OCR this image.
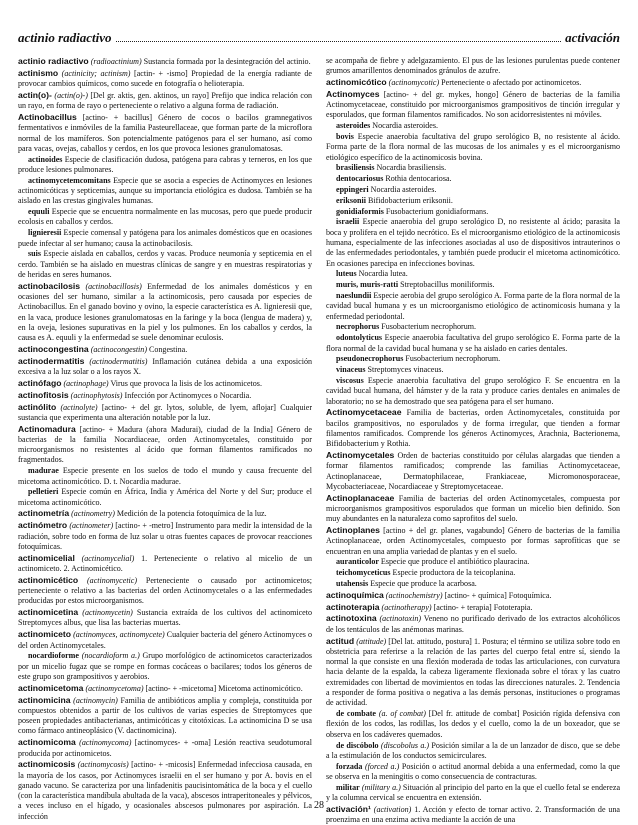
actinio radiactivo	activación

actinio radiactivo (radioactinium) Sustancia formada por la desintegración del actinio.

actinismo (actinicity; actinism) [actin- + -ismo] Propiedad de la energía radiante de provocar cambios químicos, como sucede en fotografía o helioterapia.

actin(o)- (actin(o)-) [Del gr. aktis, gen. aktinos, un rayo] Prefijo que indica relación con un rayo, en forma de rayo o perteneciente o relativo a alguna forma de radiación.

Actinobacillus [actino- + bacillus] Género de cocos o bacilos gramnegativos fermentativos e inmóviles de la familia Pasteurellaceae, que forman parte de la microflora normal de los mamíferos. Son potencialmente patógenos para el ser humano, así como para vacas, ovejas, caballos y cerdos, en los que provoca lesiones granulomatosas.

actinoides Especie de clasificación dudosa, patógena para cabras y terneros, en los que produce lesiones pulmonares.

actinomycetemcomitans Especie que se asocia a especies de Actinomyces en lesiones actinomicóticas y septicemias, aunque su importancia etiológica es dudosa. También se ha aislado en las crestas gingivales humanas.

equuli Especie que se encuentra normalmente en las mucosas, pero que puede producir ecolosis en caballos y cerdos.

lignieresii Especie comensal y patógena para los animales domésticos que en ocasiones puede infectar al ser humano; causa la actinobacilosis.

suis Especie aislada en caballos, cerdos y vacas. Produce neumonía y septicemia en el cerdo. También se ha aislado en muestras clínicas de sangre y en muestras respiratorias y de heridas en seres humanos.

actinobacilosis (actinobacillosis) Enfermedad de los animales domésticos y en ocasiones del ser humano, similar a la actinomicosis, pero causada por especies de Actinobacillus. En el ganado bovino y ovino, la especie característica es A. lignieresii que, en la vaca, produce lesiones granulomatosas en la faringe y la boca (lengua de madera) y, en la oveja, lesiones supurativas en la piel y los pulmones. En los caballos y cerdos, la causa es A. equuli y la enfermedad se suele denominar eculosis.

actinocongestina (actinocongestin) Congestina.

actinodermatitis (actinodermatitis) Inflamación cutánea debida a una exposición excesiva a la luz solar o a los rayos X.

actinófago (actinophage) Virus que provoca la lisis de los actinomicetos.

actinofitosis (actinophytosis) Infección por Actinomyces o Nocardia.

actinólito (actinolyte) [actino- + del gr. lytos, soluble, de lyem, aflojar] Cualquier sustancia que experimenta una alteración notable por la luz.

Actinomadura [actino- + Madura (ahora Madurai), ciudad de la India] Género de bacterias de la familia Nocardiaceae, orden Actinomycetales, constituido por microorganismos no resistentes al ácido que forman filamentos ramificados no fragmentados.

madurae Especie presente en los suelos de todo el mundo y causa frecuente del micetoma actinomicótico. D. t. Nocardia madurae.

pelletieri Especie común en África, India y América del Norte y del Sur; produce el micetoma actinomicótico.

actinometría (actinometry) Medición de la potencia fotoquímica de la luz.

actinómetro (actinometer) [actino- + -metro] Instrumento para medir la intensidad de la radiación, sobre todo en forma de luz solar u otras fuentes capaces de provocar reacciones fotoquímicas.

actinomicelial (actinomycelial) 1. Perteneciente o relativo al micelio de un actinomiceto. 2. Actinomicético.

actinomicético (actinomycetic) Perteneciente o causado por actinomicetos; perteneciente o relativo a las bacterias del orden Actinomycetales o a las enfermedades producidas por estos microorganismos.

actinomicetina (actinomycetin) Sustancia extraída de los cultivos del actinomiceto Streptomyces albus, que lisa las bacterias muertas.

actinomiceto (actinomyces, actinomycete) Cualquier bacteria del género Actinomyces o del orden Actinomycetales.

nocardioforme (nocardioform a.) Grupo morfológico de actinomicetos caracterizados por un micelio fugaz que se rompe en formas cocáceas o bacilares; todos los géneros de este grupo son grampositivos y aerobios.

actinomicetoma (actinomycetoma) [actino- + -micetoma] Micetoma actinomicótico.

actinomicina (actinomycin) Familia de antibióticos amplia y compleja, constituida por compuestos obtenidos a partir de los cultivos de varias especies de Streptomyces que poseen propiedades antibacterianas, antimicóticas y citotóxicas. La actinomicina D se usa como fármaco antineoplásico (V. dactinomicina).

actinomicoma (actinomycoma) [actinomyces- + -oma] Lesión reactiva seudotumoral producida por actinomicetos.

actinomicosis (actinomycosis) [actino- + -micosis] Enfermedad infecciosa causada, en la mayoría de los casos, por Actinomyces israelii en el ser humano y por A. bovis en el ganado vacuno. Se caracteriza por una linfadenitis paucisintomática de la boca y el cuello (con la característica mandíbula abultada de la vaca), abscesos intraperitoneales y pélvicos, a veces incluso en el hígado, y ocasionales abscesos pulmonares por aspiración. La infección

se acompaña de fiebre y adelgazamiento. El pus de las lesiones purulentas puede contener grumos amarillentos denominados gránulos de azufre.

actinomicótico (actinomycotic) Perteneciente o afectado por actinomicetos.

Actinomyces [actino- + del gr. mykes, hongo] Género de bacterias de la familia Actinomycetaceae, constituido por microorganismos grampositivos de tinción irregular y esporulados, que forman filamentos ramificados. No son acidorresistentes ni móviles.

asteroides Nocardia asteroides.

bovis Especie anaerobia facultativa del grupo serológico B, no resistente al ácido. Forma parte de la flora normal de las mucosas de los animales y es el microorganismo etiológico específico de la actinomicosis bovina.

brasiliensis Nocardia brasiliensis.

dentocariosus Rothia dentocariosa.

eppingeri Nocardia asteroides.

eriksonii Bifidobacterium eriksonii.

gonidiaformis Fusobacterium gonidiaformans.

israelii Especie anaerobia del grupo serológico D, no resistente al ácido; parasita la boca y prolifera en el tejido necrótico. Es el microorganismo etiológico de la actinomicosis humana, especialmente de las infecciones asociadas al uso de dispositivos intrauterinos o de las enfermedades periodontales, y también puede producir el micetoma actinomicótico. En ocasiones parecipa en infecciones bovinas.

luteus Nocardia lutea.

muris, muris-ratti Streptobacillus moniliformis.

naeslundii Especie aerobia del grupo serológico A. Forma parte de la flora normal de la cavidad bucal humana y es un microorganismo etiológico de actinomicosis humana y la enfermedad periodontal.

necrophorus Fusobacterium necrophorum.

odontolyticus Especie anaerobia facultativa del grupo serológico E. Forma parte de la flora normal de la cavidad bucal humana y se ha aislado en caries dentales.

pseudonecrophorus Fusobacterium necrophorum.

vinaceus Streptomyces vinaceus.

viscosus Especie anaerobia facultativa del grupo serológico F. Se encuentra en la cavidad bucal humana, del hámster y de la rata y produce caries dentales en animales de laboratorio; no se ha demostrado que sea patógena para el ser humano.

Actinomycetaceae Familia de bacterias, orden Actinomycetales, constituida por bacilos grampositivos, no esporulados y de forma irregular, que tienden a formar filamentos ramificados. Comprende los géneros Actinomyces, Arachnia, Bacterionema, Bifidobacterium y Rothia.

Actinomycetales Orden de bacterias constituido por células alargadas que tienden a formar filamentos ramificados; comprende las familias Actinomycetaceae, Actinoplanaceae, Dermatophilaceae, Frankiaceae, Micromonosporaceae, Mycobacteriaceae, Nocardiaceae y Streptomycetaceae.

Actinoplanaceae Familia de bacterias del orden Actinomycetales, compuesta por microorganismos grampositivos esporulados que forman un micelio bien definido. Son muy abundantes en la naturaleza como saprofitos del suelo.

Actinoplanes [actino + del gr. planes, vagabundo] Género de bacterias de la familia Actinoplanaceae, orden Actinomycetales, compuesto por formas saprofíticas que se encuentran en una amplia variedad de plantas y en el suelo.

auranticolor Especie que produce el antibiótico plauracina.

teichomyceticus Especie productora de la teicoplanina.

utahensis Especie que produce la acarbosa.

actinoquímica (actinochemistry) [actino- + química] Fotoquímica.

actinoterapia (actinotherapy) [actino- + terapia] Fototerapia.

actinotoxina (actinotoxin) Veneno no purificado derivado de los extractos alcohólicos de los tentáculos de las anémonas marinas.

actitud (attitude) [Del lat. attitudo, postura] 1. Postura; el término se utiliza sobre todo en obstetricia para referirse a la relación de las partes del cuerpo fetal entre sí, siendo la normal la que consiste en una flexión moderada de todas las articulaciones, con curvatura hacia delante de la espalda, la cabeza ligeramente flexionada sobre el tórax y las cuatro extremidades con libertad de movimientos en todas las direcciones naturales. 2. Tendencia a responder de forma positiva o negativa a las demás personas, instituciones o programas de actividad.

de combate (a. of combat) [Del fr. attitude de combat] Posición rígida defensiva con flexión de los codos, las rodillas, los dedos y el cuello, como la de un boxeador, que se observa en los cadáveres quemados.

de discóbolo (discobolus a.) Posición similar a la de un lanzador de disco, que se debe a la estimulación de los conductos semicirculares.

forzada (forced a.) Posición o actitud anormal debida a una enfermedad, como la que se observa en la meningitis o como consecuencia de contracturas.

militar (military a.) Situación al principio del parto en la que el cuello fetal se endereza y la columna cervical se encuentra en extensión.

activación¹ (activation) 1. Acción y efecto de tornar activo. 2. Transformación de una proenzima en una enzima activa mediante la acción de una

28
